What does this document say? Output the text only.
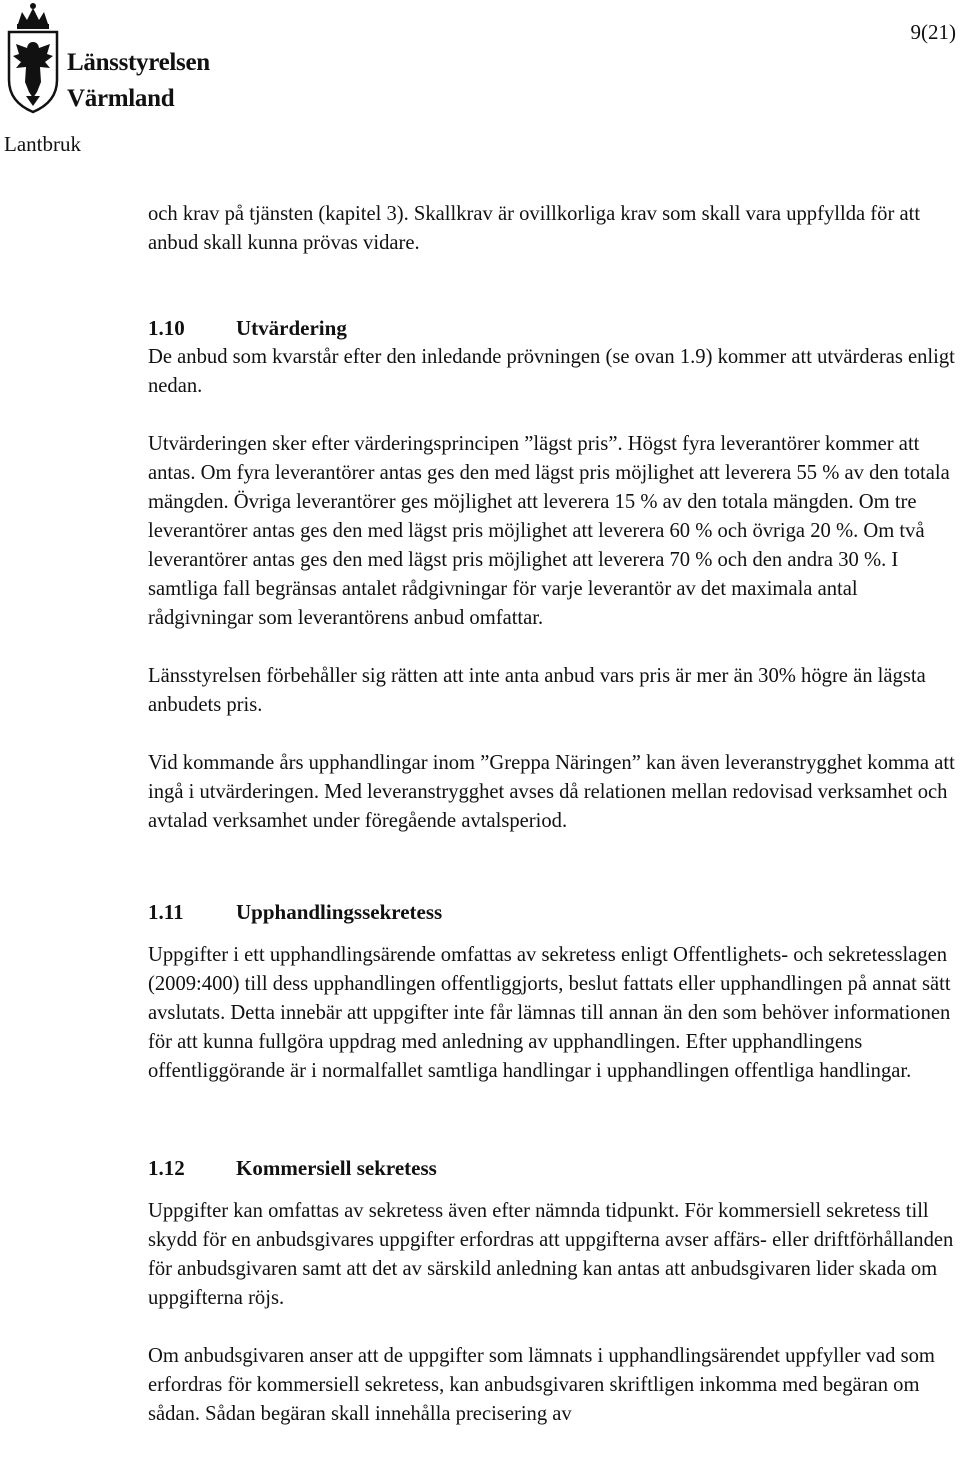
9(21)
Länsstyrelsen
Värmland
Lantbruk

och krav på tjänsten (kapitel 3). Skallkrav är ovillkorliga krav som skall vara uppfyllda för att anbud skall kunna prövas vidare.

1.10	Utvärdering

De anbud som kvarstår efter den inledande prövningen (se ovan 1.9) kommer att utvärderas enligt nedan.

Utvärderingen sker efter värderingsprincipen ”lägst pris”. Högst fyra leverantörer kommer att antas. Om fyra leverantörer antas ges den med lägst pris möjlighet att leverera 55 % av den totala mängden. Övriga leverantörer ges möjlighet att leverera 15 % av den totala mängden. Om tre leverantörer antas ges den med lägst pris möjlighet att leverera 60 % och övriga 20 %. Om två leverantörer antas ges den med lägst pris möjlighet att leverera 70 % och den andra 30 %. I samtliga fall begränsas antalet rådgivningar för varje leverantör av det maximala antal rådgivningar som leverantörens anbud omfattar.

Länsstyrelsen förbehåller sig rätten att inte anta anbud vars pris är mer än 30% högre än lägsta anbudets pris.

Vid kommande års upphandlingar inom ”Greppa Näringen” kan även leveranstrygghet komma att ingå i utvärderingen. Med leveranstrygghet avses då relationen mellan redovisad verksamhet och avtalad verksamhet under föregående avtalsperiod.

1.11	Upphandlingssekretess

Uppgifter i ett upphandlingsärende omfattas av sekretess enligt Offentlighets- och sekretesslagen (2009:400) till dess upphandlingen offentliggjorts, beslut fattats eller upphandlingen på annat sätt avslutats. Detta innebär att uppgifter inte får lämnas till annan än den som behöver informationen för att kunna fullgöra uppdrag med anledning av upphandlingen. Efter upphandlingens offentliggörande är i normalfallet samtliga handlingar i upphandlingen offentliga handlingar.

1.12	Kommersiell sekretess

Uppgifter kan omfattas av sekretess även efter nämnda tidpunkt. För kommersiell sekretess till skydd för en anbudsgivares uppgifter erfordras att uppgifterna avser affärs- eller driftförhållanden för anbudsgivaren samt att det av särskild anledning kan antas att anbudsgivaren lider skada om uppgifterna röjs.

Om anbudsgivaren anser att de uppgifter som lämnats i upphandlingsärendet uppfyller vad som erfordras för kommersiell sekretess, kan anbudsgivaren skriftligen inkomma med begäran om sådan. Sådan begäran skall innehålla precisering av
